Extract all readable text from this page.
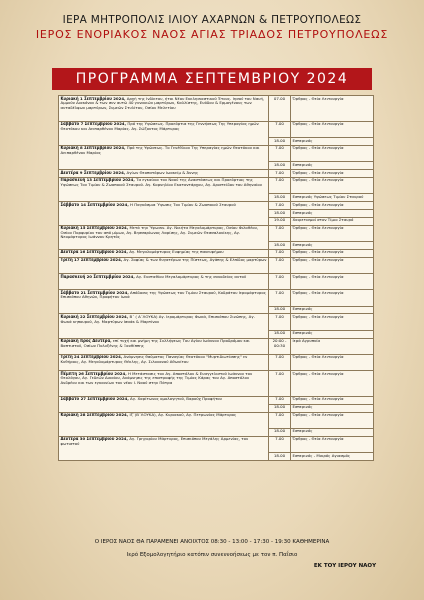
ΙΕΡΑ ΜΗΤΡΟΠΟΛΙΣ ΙΛΙΟΥ ΑΧΑΡΝΩΝ & ΠΕΤΡΟΥΠΟΛΕΩΣ
ΙΕΡΟΣ ΕΝΟΡΙΑΚΟΣ ΝΑΟΣ ΑΓΙΑΣ ΤΡΙΑΔΟΣ ΠΕΤΡΟΥΠΟΛΕΩΣ
ΠΡΟΓΡΑΜΜΑ ΣΕΠΤΕΜΒΡΙΟΥ 2024
Κυριακή 1 Σεπτεμβρίου 2024, Αρχή της Ινδίκτου, ήτοι Νέου Εκκλησιαστικού Έτους. Ιησού του Ναυή, Αμμούν Διακόνου & των συν αυτώ 40 γυναικών μαρτύρων, Καλλίστης, Ευόδου & Ερμογένους των αυταδέλφων μαρτύρων, Συμεών Στυλίτου, Οσίου Μελετίου	07.00	Όρθρος - Θεία Λειτουργία
Σάββατο 7 Σεπτεμβρίου 2024, Πρό της Υψώσεως. Προεόρτια της Γεννήσεως Της Υπεραγίας ημών Θεοτόκου και Αειπαρθένου Μαρίας. Αγ. Σώζοντος Μάρτυρος	7.00	Όρθρος - Θεία Λειτουργία
	18.00	Εσπερινός
Κυριακή 8 Σεπτεμβρίου 2024, Πρό της Υψώσεως. Το Γενέθλιον Της Υπεραγίας ημών Θεοτόκου και Αειπαρθένου Μαρίας	7.00	Όρθρος - Θεία Λειτουργία
	18.00	Εσπερινός
Δευτέρα 9 Σεπτεμβρίου 2024, Αγίων Θεοπατόρων Ιωακείμ & Άννης	7.00	Όρθρος - Θεία Λειτουργία
Παρασκευή 13 Σεπτεμβρίου 2024, Τα εγκαίνια του Ναού της Αναστάσεως και Προεόρτιος της Υψώσεως Του Τιμίου & Ζωοποιού Σταυρού. Αγ. Κορνηλίου Εκατοντάρχου, Αγ. Αριστείδου του Αθηναίου	7.00	Όρθρος - Θεία Λειτουργία
	18.00	Εσπερινός Υψώσεως Τιμίου Σταυρού
Σάββατο 14 Σεπτεμβρίου 2024, Η Παγκόσμια Ύψωσις Του Τιμίου & Ζωοποιού Σταυρού	7.00	Όρθρος - Θεία Λειτουργία
	18.00	Εσπερινός
	19.00	Χαιρετισμοί στον Τίμιο Σταυρό
Κυριακή 15 Σεπτεμβρίου 2024, Μετά την Ύψωσιν. Αγ. Νικήτα Μεγαλομάρτυρος, Οσίου Φιλοθέου, Οσίου Πορφυρίου του από μίμων, Αγ. Βησσαρίωνος Λαρίσης, Αγ. Συμεών Θεσσαλονίκης, Αγ. Νεομάρτυρος Ιωάννου Κρητός	7.00	Όρθρος - Θεία Λειτουργία
	18.00	Εσπερινός
Δευτέρα 16 Σεπτεμβρίου 2024, Αγ. Μεγαλομάρτυρος Ευφημίας της πανευφήμου	7.00	Όρθρος - Θεία Λειτουργία
Τρίτη 17 Σεπτεμβρίου 2024, Αγ. Σοφίας & των θυγατέρων της Πίστεως, Αγάπης & Ελπίδος μαρτύρων	7.00	Όρθρος - Θεία Λειτουργία
Παρασκευή 20 Σεπτεμβρίου 2024, Αγ. Ευσταθίου Μεγαλομάρτυρος & της συνοδείας αυτού	7.00	Όρθρος - Θεία Λειτουργία
Σάββατο 21 Σεπτεμβρίου 2024, Απόδοσις της Υψώσεως του Τιμίου Σταυρού, Κοδράτου Ιερομάρτυρος Επισκόπου Αθηνών, Προφήτου Ιωνά	7.00	Όρθρος - Θεία Λειτουργία
	18.00	Εσπερινός
Κυριακή 22 Σεπτεμβρίου 2024, Β΄ ( Α΄ΛΟΥΚΑ) Αγ. Ιερομάρτυρος Φωκά, Επισκόπου Σινώπης, Αγ. Φωκά κηπουρού, Αγ. Μαρτύρων Ισαάκ & Μαρτίνου	7.00	Όρθρος - Θεία Λειτουργία
	18.00	Εσπερινός
Κυριακή προς Δευτέρα, επί τυχή και μνήμη της Συλλήψεως Του Αγίου Ιωάννου Προδρόμου και Βαπτιστού, Οσίων Πολυξένης & Ξανθίππης	20:00 - 00:30	Ιερά Αγρυπνία
Τρίτη 24 Σεπτεμβρίου 2024, Ανάμνησις θαύματος Παναγίας Θεοτόκου "Μυρτιδιωτίσσης" εν Κυθήροις, Αγ. Μεγαλομάρτυρος Θέκλης, Αγ. Σιλουανού Αθωνίτου	7.00	Όρθρος - Θεία Λειτουργία
Πέμπτη 26 Σεπτεμβρίου 2024, Η Μετάστασις του Αγ. Αποστόλου & Ευαγγελιστού Ιωάννου του Θεολόγου, Αγ. Γεδεών Δικαίου, Ανάμνησις της επιστροφής της Τιμίας Κάρας του Αγ. Αποστόλου Ανδρέου και των εγκαινίων του νέου Ι. Ναού στην Πάτρα	7.00	Όρθρος - Θεία Λειτουργία
Σάββατο 27 Σεπτεμβρίου 2024, Αγ. Χαρίτωνος ομολογητού, Βαρούχ Προφήτου	7.00	Όρθρος - Θεία Λειτουργία
	18.00	Εσπερινός
Κυριακή 28 Σεπτεμβρίου 2024, Ιζ΄(Β΄ΛΟΥΚΑ), Αγ. Κυριακού, Αγ. Πετρωνίας Μάρτυρος	7.00	Όρθρος - Θεία Λειτουργία
	18.00	Εσπερινός
Δευτέρα 30 Σεπτεμβρίου 2024, Αγ. Γρηγορίου Μάρτυρος, Επισκόπου Μεγάλης Αρμενίας, του φωτιστού	7.00	Όρθρος - Θεία Λειτουργία
	18.00	Εσπερινός - Μικρός Αγιασμός
Ο ΙΕΡΟΣ ΝΑΟΣ ΘΑ ΠΑΡΑΜΕΝΕΙ ΑΝΟΙΧΤΟΣ 08:30 - 13:00 - 17:30 - 19:30 ΚΑΘΗΜΕΡΙΝΑ
Ιερό Εξομολογητήριο κατόπιν συνεννοήσεως με τον π. Παΐσιο
ΕΚ ΤΟΥ ΙΕΡΟΥ ΝΑΟΥ
